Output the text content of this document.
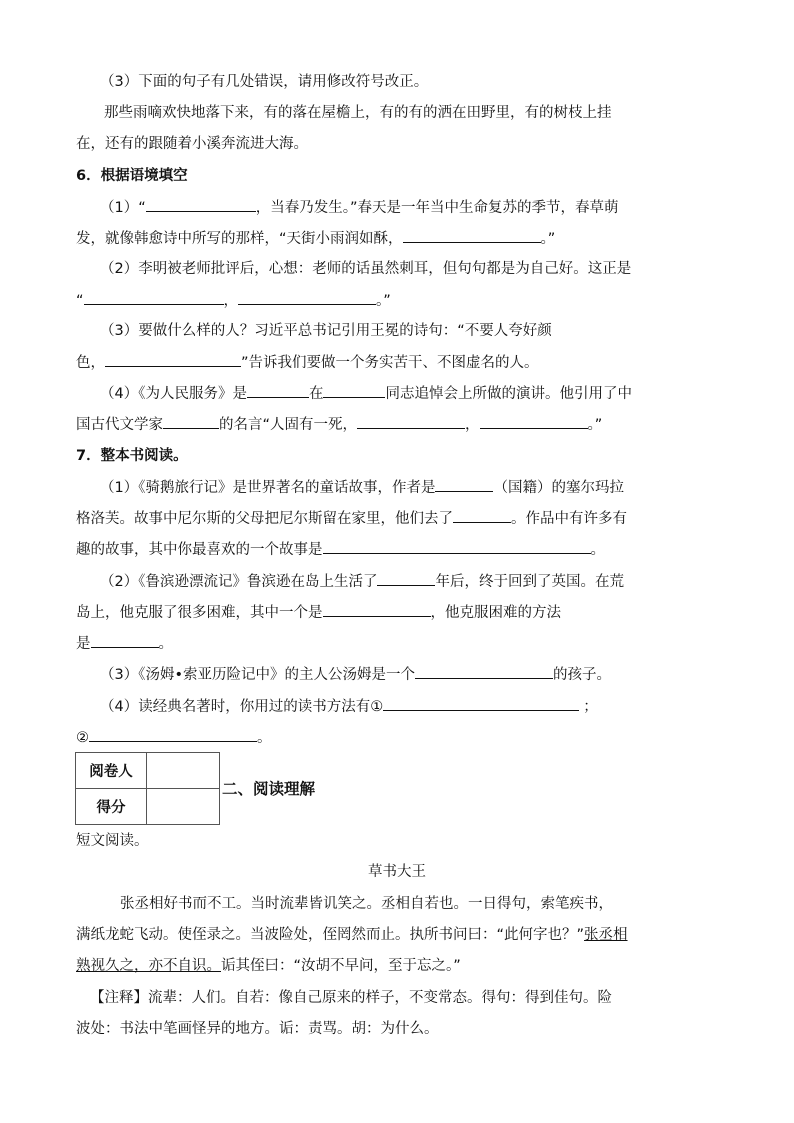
（3）下面的句子有几处错误，请用修改符号改正。
那些雨嘀欢快地落下来，有的落在屋檐上，有的有的洒在田野里，有的树枝上挂
在，还有的跟随着小溪奔流进大海。
6．根据语境填空
（1）“	，当春乃发生。”春天是一年当中生命复苏的季节，春草萌
发，就像韩愈诗中所写的那样，“天街小雨润如酥，	。”
（2）李明被老师批评后，心想：老师的话虽然刺耳，但句句都是为自己好。这正是
“	，	。”
（3）要做什么样的人？习近平总书记引用王冕的诗句：“不要人夸好颜
色，	”告诉我们要做一个务实苦干、不图虚名的人。
（4）《为人民服务》是	在	同志追悼会上所做的演讲。他引用了中
国古代文学家	的名言“人固有一死，	，	。”
7．整本书阅读。
（1）《骑鹅旅行记》是世界著名的童话故事，作者是	（国籍）的塞尔玛拉
格洛芙。故事中尼尔斯的父母把尼尔斯留在家里，他们去了	。作品中有许多有
趣的故事，其中你最喜欢的一个故事是	。
（2）《鲁滨逊漂流记》鲁滨逊在岛上生活了	年后，终于回到了英国。在荒
岛上，他克服了很多困难，其中一个是	，他克服困难的方法
是	。
（3）《汤姆•索亚历险记中》的主人公汤姆是一个	的孩子。
（4）读经典名著时，你用过的读书方法有①	；
②	。
阅卷人	
得分	
二、阅读理解
短文阅读。
草书大王
张丞相好书而不工。当时流辈皆讥笑之。丞相自若也。一日得句，索笔疾书，
满纸龙蛇飞动。使侄录之。当波险处，侄罔然而止。执所书问曰：“此何字也？”张丞相
熟视久之，亦不自识。诟其侄曰：“汝胡不早问，至于忘之。”
【注释】流辈：人们。自若：像自己原来的样子，不变常态。得句：得到佳句。险
波处：书法中笔画怪异的地方。诟：责骂。胡：为什么。
